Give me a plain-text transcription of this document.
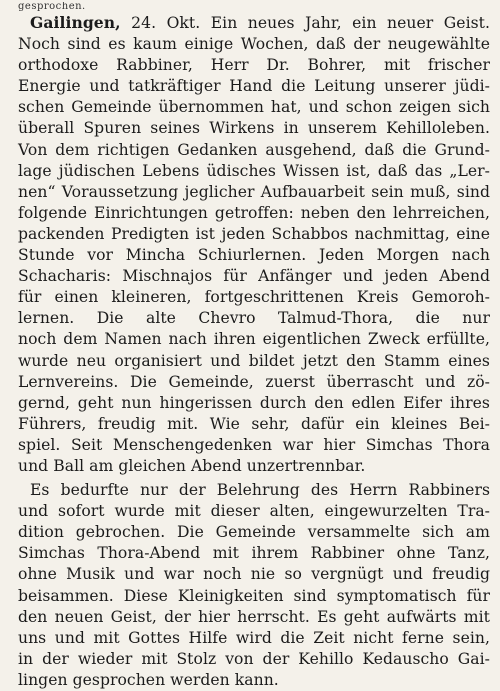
gesprochen.
Gailingen, 24. Okt. Ein neues Jahr, ein neuer Geist.
Noch sind es kaum einige Wochen, daß der neugewählte
orthodoxe Rabbiner, Herr Dr. Bohrer, mit frischer
Energie und tatkräftiger Hand die Leitung unserer jüdi-
schen Gemeinde übernommen hat, und schon zeigen sich
überall Spuren seines Wirkens in unserem Kehilloleben.
Von dem richtigen Gedanken ausgehend, daß die Grund-
lage jüdischen Lebens üdisches Wissen ist, daß das „Ler-
nen“ Voraussetzung jeglicher Aufbauarbeit sein muß, sind
folgende Einrichtungen getroffen: neben den lehrreichen,
packenden Predigten ist jeden Schabbos nachmittag, eine
Stunde vor Mincha Schiurlernen. Jeden Morgen nach
Schacharis: Mischnajos für Anfänger und jeden Abend
für einen kleineren, fortgeschrittenen Kreis Gemoroh-
lernen. Die alte Chevro Talmud-Thora, die nur
noch dem Namen nach ihren eigentlichen Zweck erfüllte,
wurde neu organisiert und bildet jetzt den Stamm eines
Lernvereins. Die Gemeinde, zuerst überrascht und zö-
gernd, geht nun hingerissen durch den edlen Eifer ihres
Führers, freudig mit. Wie sehr, dafür ein kleines Bei-
spiel. Seit Menschengedenken war hier Simchas Thora
und Ball am gleichen Abend unzertrennbar.
Es bedurfte nur der Belehrung des Herrn Rabbiners
und sofort wurde mit dieser alten, eingewurzelten Tra-
dition gebrochen. Die Gemeinde versammelte sich am
Simchas Thora-Abend mit ihrem Rabbiner ohne Tanz,
ohne Musik und war noch nie so vergnügt und freudig
beisammen. Diese Kleinigkeiten sind symptomatisch für
den neuen Geist, der hier herrscht. Es geht aufwärts mit
uns und mit Gottes Hilfe wird die Zeit nicht ferne sein,
in der wieder mit Stolz von der Kehillo Kedauscho Gai-
lingen gesprochen werden kann.
